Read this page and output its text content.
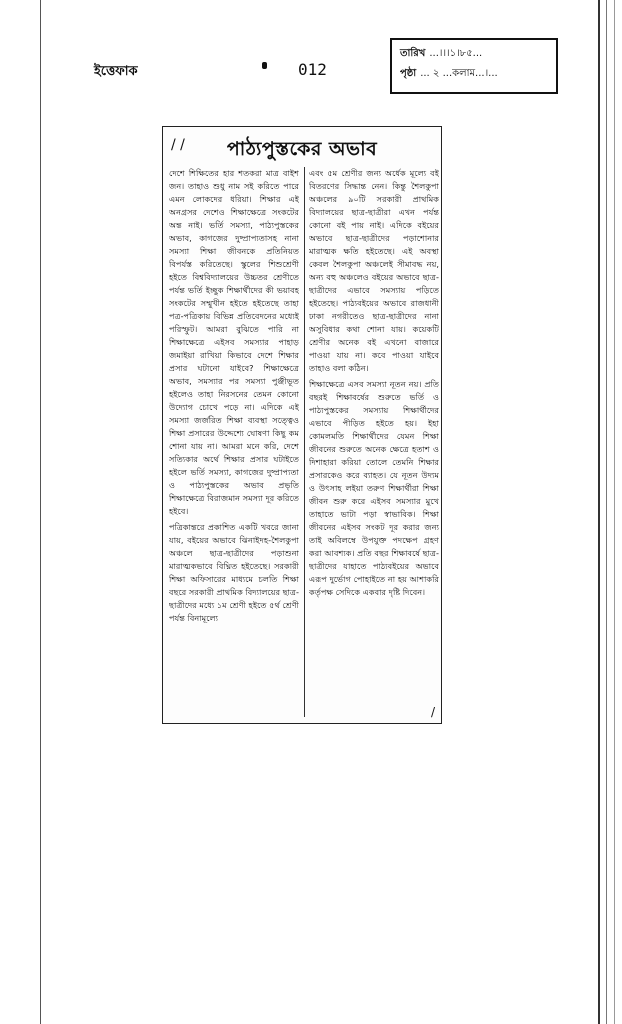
ইত্তেফাক	012
তারিখ ...।।।১।৮৫...
পৃষ্ঠা ... ২ ...কলাম...।...
/ /	পাঠ্যপুস্তকের অভাব

দেশে শিক্ষিতের হার শতকরা মাত্র বাইশ জন। তাহাও শুধু নাম সই করিতে পারে এমন লোকদের ধরিয়া। শিক্ষার এই অনগ্রসর দেশেও শিক্ষাক্ষেত্রে সংকটের অন্ত নাই। ভর্তি সমস্যা, পাঠ্যপুস্তকের অভাব, কাগজের দুষ্প্রাপ্যতাসহ নানা সমস্যা শিক্ষা জীবনকে প্রতিনিয়ত বিপর্যস্ত করিতেছে। স্কুলের শিশুশ্রেণী হইতে বিশ্ববিদ্যালয়ের উচ্চতর শ্রেণীতে পর্যন্ত ভর্তি ইচ্ছুক শিক্ষার্থীদের কী ভয়াবহ সংকটের সম্মুখীন হইতে হইতেছে তাহা পত্র-পত্রিকায় বিভিন্ন প্রতিবেদনের মধ্যেই পরিস্ফুট। আমরা বুঝিতে পারি না শিক্ষাক্ষেত্রে এইসব সমস্যার পাহাড় জমাইয়া রাখিয়া কিভাবে দেশে শিক্ষার প্রসার ঘটানো যাইবে? শিক্ষাক্ষেত্রে অভাব, সমস্যার পর সমস্যা পুঞ্জীভূত হইলেও তাহা নিরসনের তেমন কোনো উদ্যোগ চোখে পড়ে না। এদিকে এই সমস্যা জর্জরিত শিক্ষা ব্যবস্থা সত্ত্বেও শিক্ষা প্রসারের উদ্দেশ্যে ঘোষণা কিছু কম শোনা যায় না। আমরা মনে করি, দেশে সত্যিকার অর্থে শিক্ষার প্রসার ঘটাইতে হইলে ভর্তি সমস্যা, কাগজের দুষ্প্রাপ্যতা ও পাঠ্যপুস্তকের অভাব প্রভৃতি শিক্ষাক্ষেত্রে বিরাজমান সমস্যা দূর করিতে হইবে।

পত্রিকান্তরে প্রকাশিত একটি খবরে জানা যায়, বইয়ের অভাবে ঝিনাইদহ-শৈলকুপা অঞ্চলে ছাত্র-ছাত্রীদের পড়াশুনা মারাত্মকভাবে বিঘ্নিত হইতেছে। সরকারী শিক্ষা অফিসারের মাধ্যমে চলতি শিক্ষা বছরে সরকারী প্রাথমিক বিদ্যালয়ের ছাত্র-ছাত্রীদের মধ্যে ১ম শ্রেণী হইতে ৫র্থ শ্রেণী পর্যন্ত বিনামূল্যে

এবং ৫ম শ্রেণীর জন্য অর্ধেক মূল্যে বই বিতরণের সিদ্ধান্ত নেন। কিন্তু শৈলকুপা অঞ্চলের ৯০টি সরকারী প্রাথমিক বিদ্যালয়ের ছাত্র-ছাত্রীরা এখন পর্যন্ত কোনো বই পায় নাই। এদিকে বইয়ের অভাবে ছাত্র-ছাত্রীদের পড়াশোনার মারাত্মক ক্ষতি হইতেছে। এই অবস্থা কেবল শৈলকুপা অঞ্চলেই সীমাবদ্ধ নয়, অন্য বহু অঞ্চলেও বইয়ের অভাবে ছাত্র-ছাত্রীদের এভাবে সমস্যায় পড়িতে হইতেছে। পাঠ্যবইয়ের অভাবে রাজধানী ঢাকা নগরীতেও ছাত্র-ছাত্রীদের নানা অসুবিধার কথা শোনা যায়। কয়েকটি শ্রেণীর অনেক বই এখনো বাজারে পাওয়া যায় না। কবে পাওয়া যাইবে তাহাও বলা কঠিন।

শিক্ষাক্ষেত্রে এসব সমস্যা নূতন নয়। প্রতি বছরই শিক্ষাবর্ষের শুরুতে ভর্তি ও পাঠ্যপুস্তকের সমস্যায় শিক্ষার্থীদের এভাবে পীড়িত হইতে হয়। ইহা কোমলমতি শিক্ষার্থীদের যেমন শিক্ষা জীবনের শুরুতে অনেক ক্ষেত্রে হতাশ ও দিশাহারা করিয়া তোলে তেমনি শিক্ষার প্রসারকেও করে ব্যাহত। যে নূতন উদ্যম ও উৎসাহ লইয়া তরুণ শিক্ষার্থীরা শিক্ষা জীবন শুরু করে এইসব সমস্যার মুখে তাহাতে ভাটা পড়া স্বাভাবিক। শিক্ষা জীবনের এইসব সংকট দূর করার জন্য তাই অবিলম্বে উপযুক্ত পদক্ষেপ গ্রহণ করা আবশ্যক। প্রতি বছর শিক্ষাবর্ষে ছাত্র-ছাত্রীদের যাহাতে পাঠ্যবইয়ের অভাবে এরূপ দুর্ভোগ পোহাইতে না হয় আশাকরি কর্তৃপক্ষ সেদিকে একবার দৃষ্টি দিবেন।

/
